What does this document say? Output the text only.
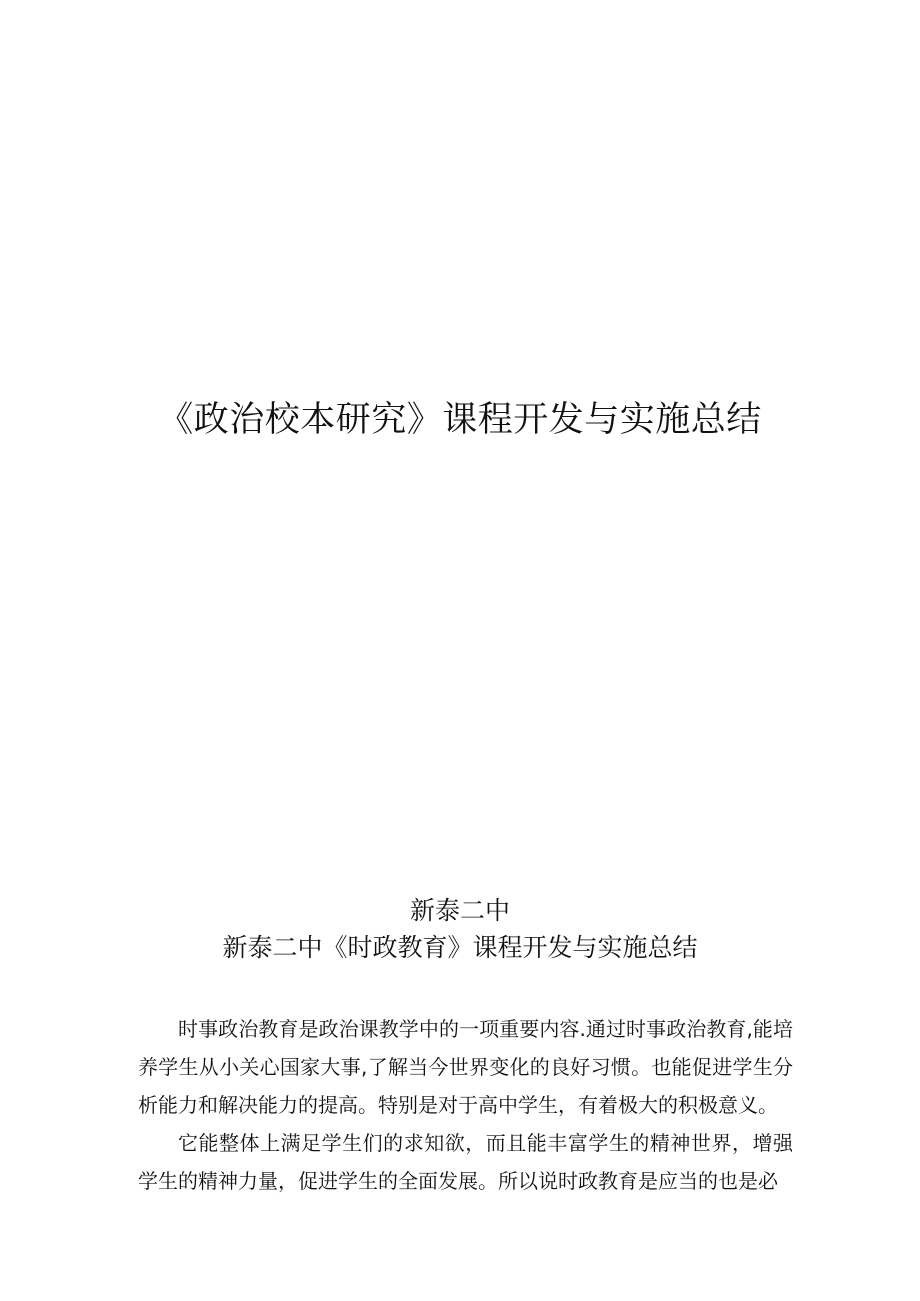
《政治校本研究》课程开发与实施总结
新泰二中
新泰二中《时政教育》课程开发与实施总结

时事政治教育是政治课教学中的一项重要内容.通过时事政治教育,能培养学生从小关心国家大事,了解当今世界变化的良好习惯。也能促进学生分析能力和解决能力的提高。特别是对于高中学生，有着极大的积极意义。

它能整体上满足学生们的求知欲，而且能丰富学生的精神世界，增强学生的精神力量，促进学生的全面发展。所以说时政教育是应当的也是必
